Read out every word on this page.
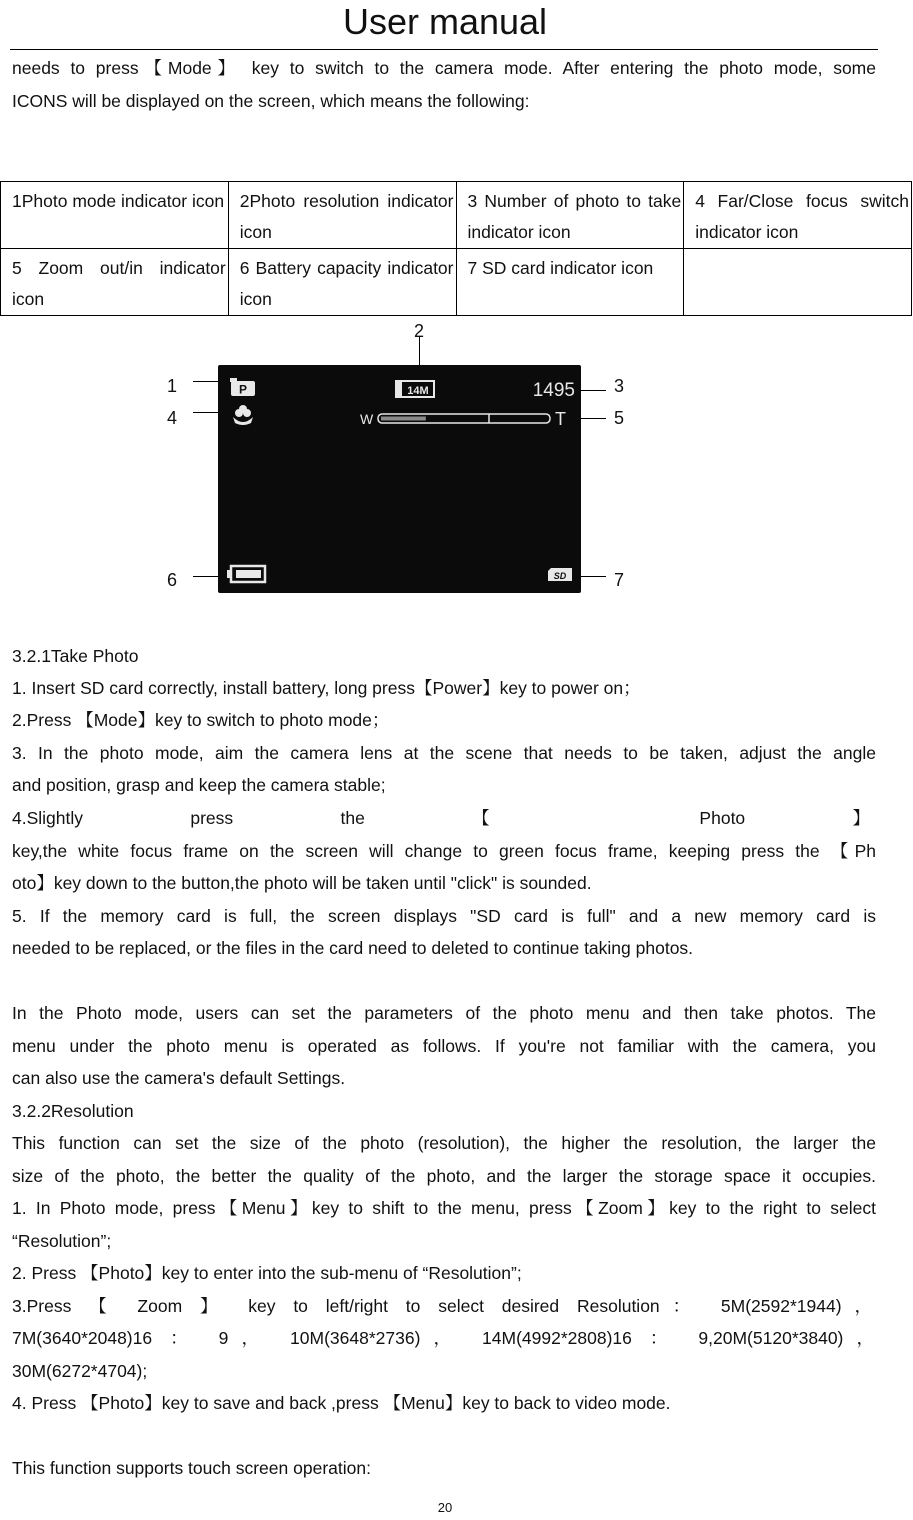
User manual
needs to press【Mode】 key to switch to the camera mode. After entering the photo mode, some
ICONS will be displayed on the screen, which means the following:
1Photo mode indicator icon	2Photo resolution indicator icon	3 Number of photo to take indicator icon	4 Far/Close focus switch indicator icon

5 Zoom out/in indicator icon	6 Battery capacity indicator icon	7 SD card indicator icon	

2
1
4
6
3
5
7
P	14M	1495
W	T
SD
3.2.1Take Photo
1. Insert SD card correctly, install battery, long press【Power】key to power on；
2.Press 【Mode】key to switch to photo mode；
3. In the photo mode, aim the camera lens at the scene that needs to be taken, adjust the angle
and position, grasp and keep the camera stable;
4.Slightly press the 【 Photo 】
key,the white focus frame on the screen will change to green focus frame, keeping press the 【Ph
oto】key down to the button,the photo will be taken until "click" is sounded.
5. If the memory card is full, the screen displays "SD card is full" and a new memory card is
needed to be replaced, or the files in the card need to deleted to continue taking photos.
In the Photo mode, users can set the parameters of the photo menu and then take photos. The
menu under the photo menu is operated as follows. If you're not familiar with the camera, you
can also use the camera's default Settings.
3.2.2Resolution
This function can set the size of the photo (resolution), the higher the resolution, the larger the
size of the photo, the better the quality of the photo, and the larger the storage space it occupies.
1. In Photo mode, press【Menu】key to shift to the menu, press【Zoom】key to the right to select
“Resolution”;
2. Press 【Photo】key to enter into the sub-menu of “Resolution”;
3.Press 【 Zoom 】 key to left/right to select desired Resolution： 5M(2592*1944)，
7M(3640*2048)16 ： 9， 10M(3648*2736)， 14M(4992*2808)16 ： 9,20M(5120*3840)，
30M(6272*4704);
4. Press 【Photo】key to save and back ,press 【Menu】key to back to video mode.
This function supports touch screen operation:
20
